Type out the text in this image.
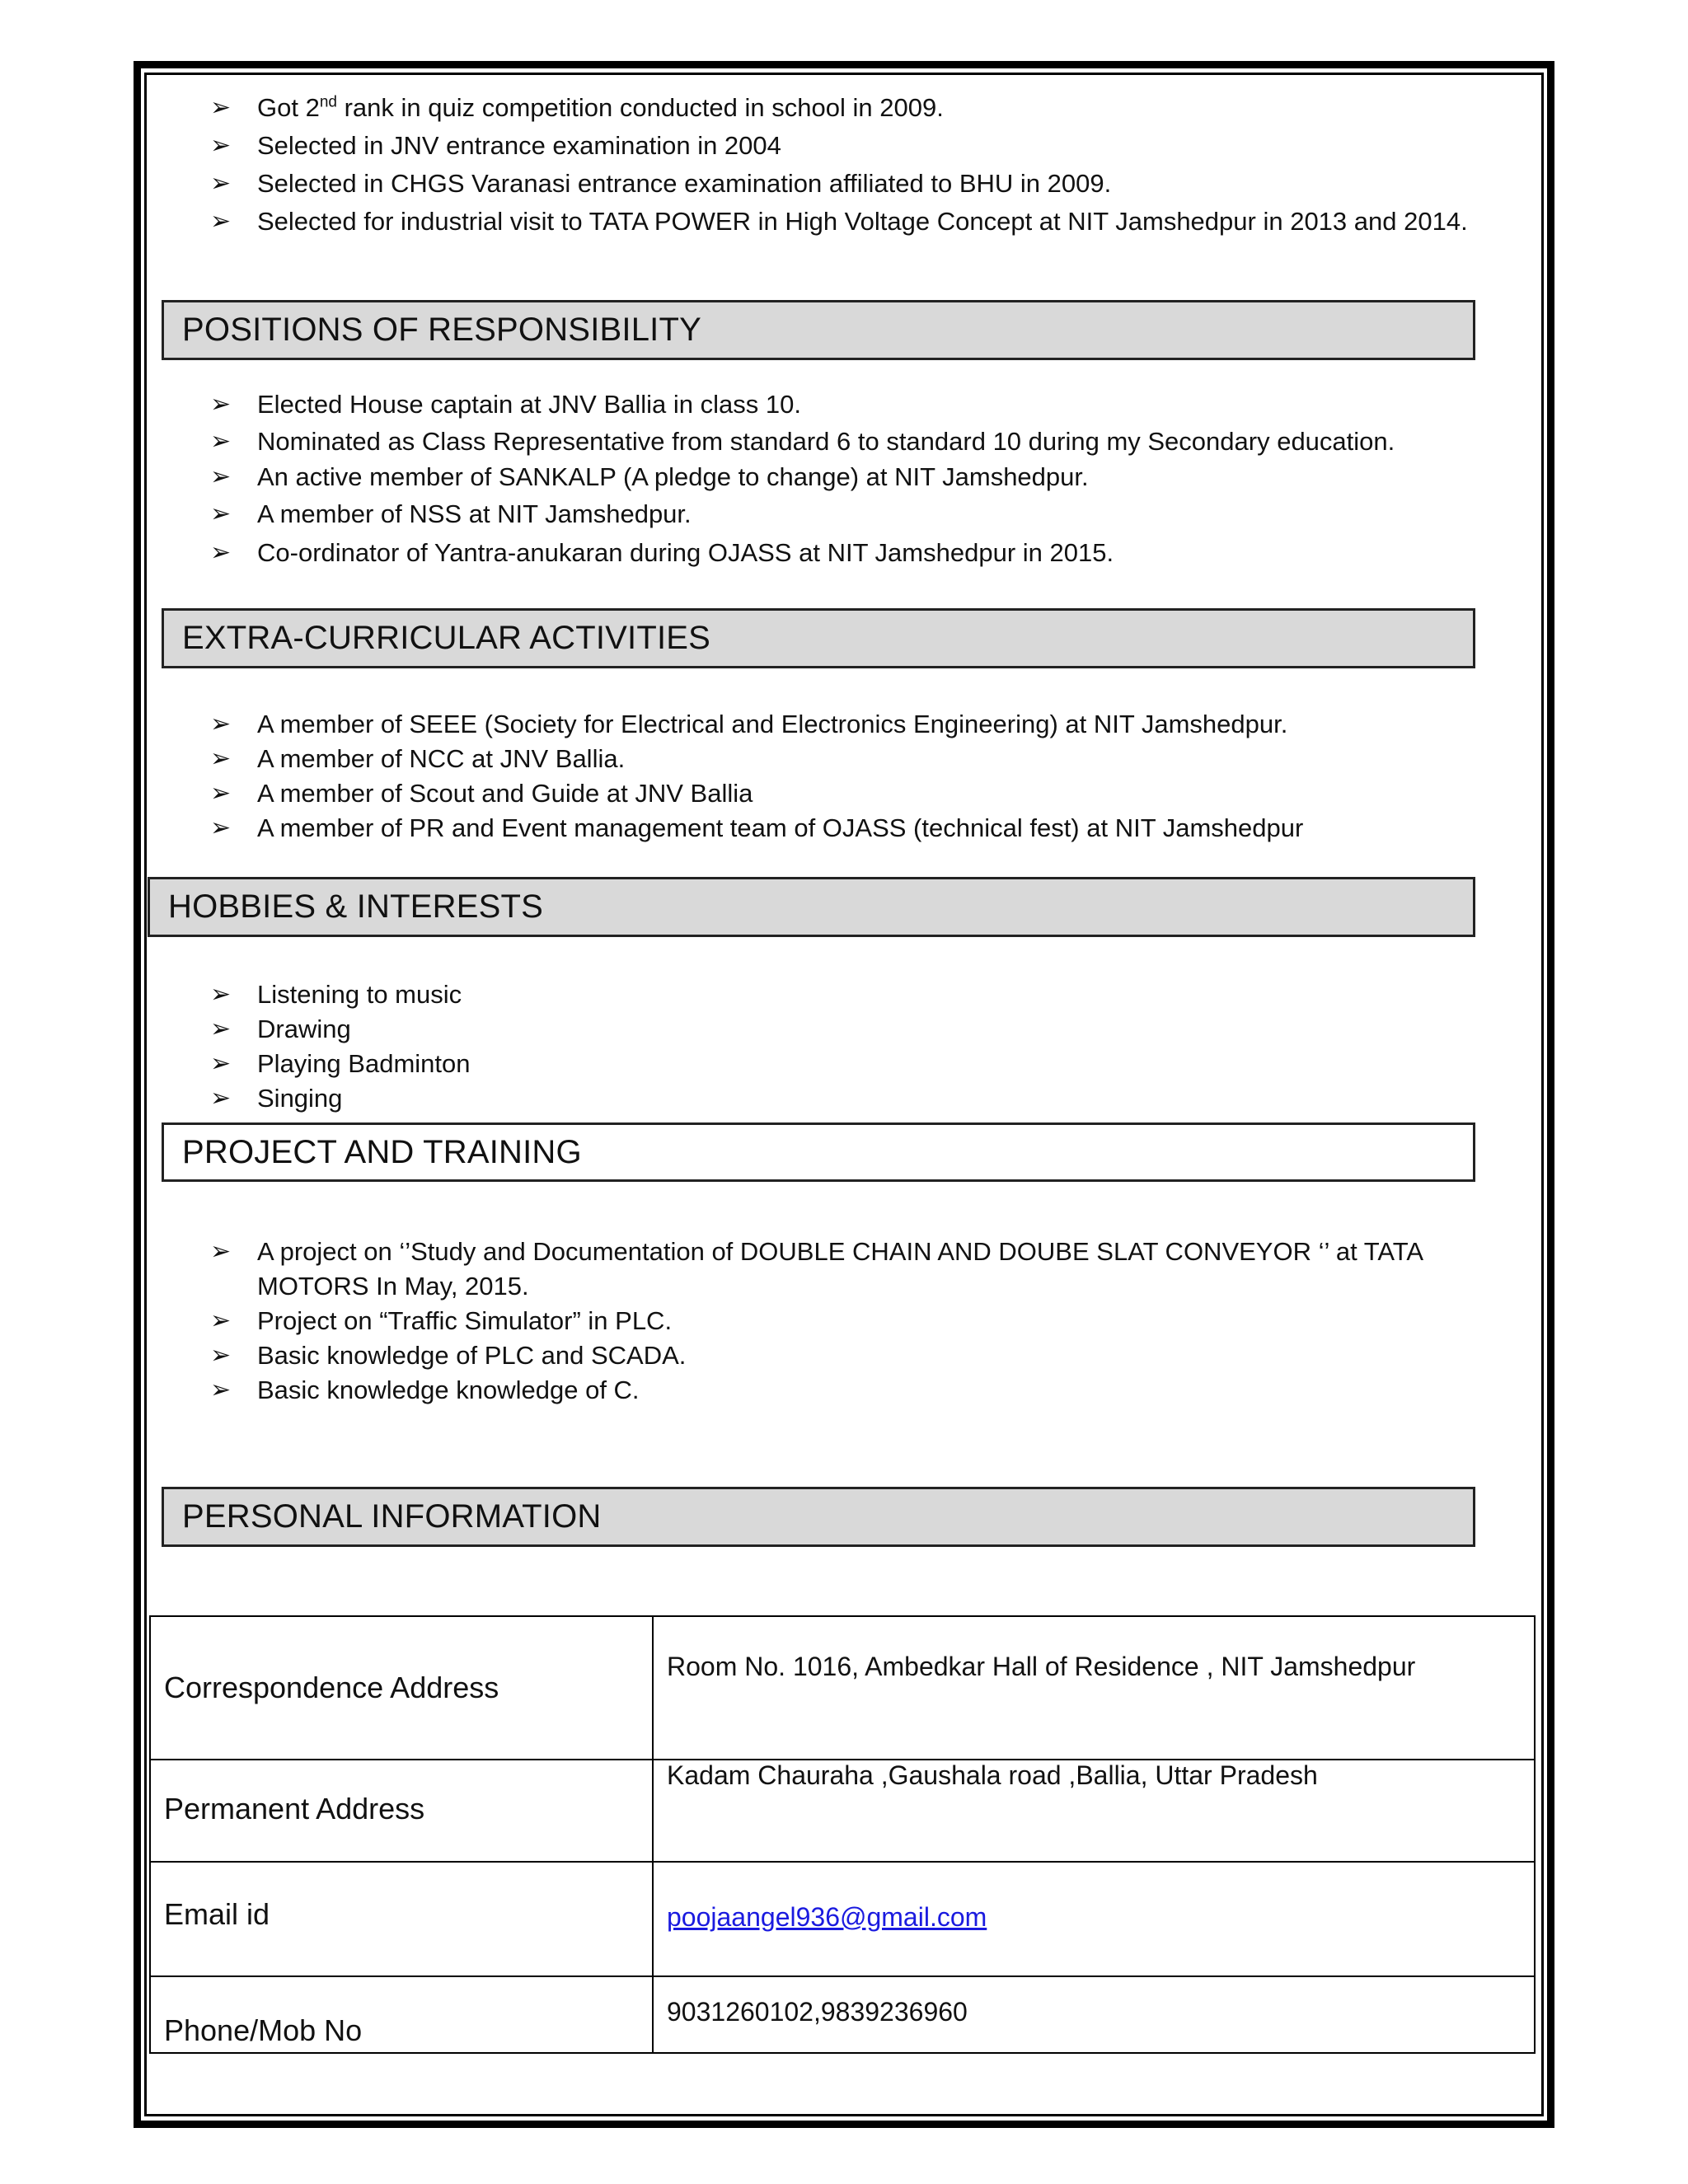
➢ Got 2nd rank in quiz competition conducted in school in 2009.
➢ Selected in JNV entrance examination in 2004
➢ Selected in CHGS Varanasi entrance examination affiliated to BHU in 2009.
➢ Selected for industrial visit to TATA POWER in High Voltage Concept at NIT Jamshedpur in 2013 and 2014.
POSITIONS OF RESPONSIBILITY
➢ Elected House captain at JNV Ballia in class 10.
➢ Nominated as Class Representative from standard 6 to standard 10 during my Secondary education.
➢ An active member of SANKALP (A pledge to change) at NIT Jamshedpur.
➢ A member of NSS at NIT Jamshedpur.
➢ Co-ordinator of Yantra-anukaran during OJASS at NIT Jamshedpur in 2015.
EXTRA-CURRICULAR ACTIVITIES
➢ A member of SEEE (Society for Electrical and Electronics Engineering) at NIT Jamshedpur.
➢ A member of NCC at JNV Ballia.
➢ A member of Scout and Guide at JNV Ballia
➢ A member of PR and Event management team of OJASS (technical fest) at NIT Jamshedpur
HOBBIES & INTERESTS
➢ Listening to music
➢ Drawing
➢ Playing Badminton
➢ Singing
PROJECT AND TRAINING
➢ A project on ‘’Study and Documentation of DOUBLE CHAIN AND DOUBE SLAT CONVEYOR ‘’ at TATA MOTORS In May, 2015.
➢ Project on “Traffic Simulator” in PLC.
➢ Basic knowledge of PLC and SCADA.
➢ Basic knowledge knowledge of C.
PERSONAL INFORMATION
Correspondence Address	Room No. 1016, Ambedkar Hall of Residence , NIT Jamshedpur

Permanent Address	Kadam Chauraha ,Gaushala road ,Ballia, Uttar Pradesh

Email id	poojaangel936@gmail.com

Phone/Mob No	9031260102,9839236960
